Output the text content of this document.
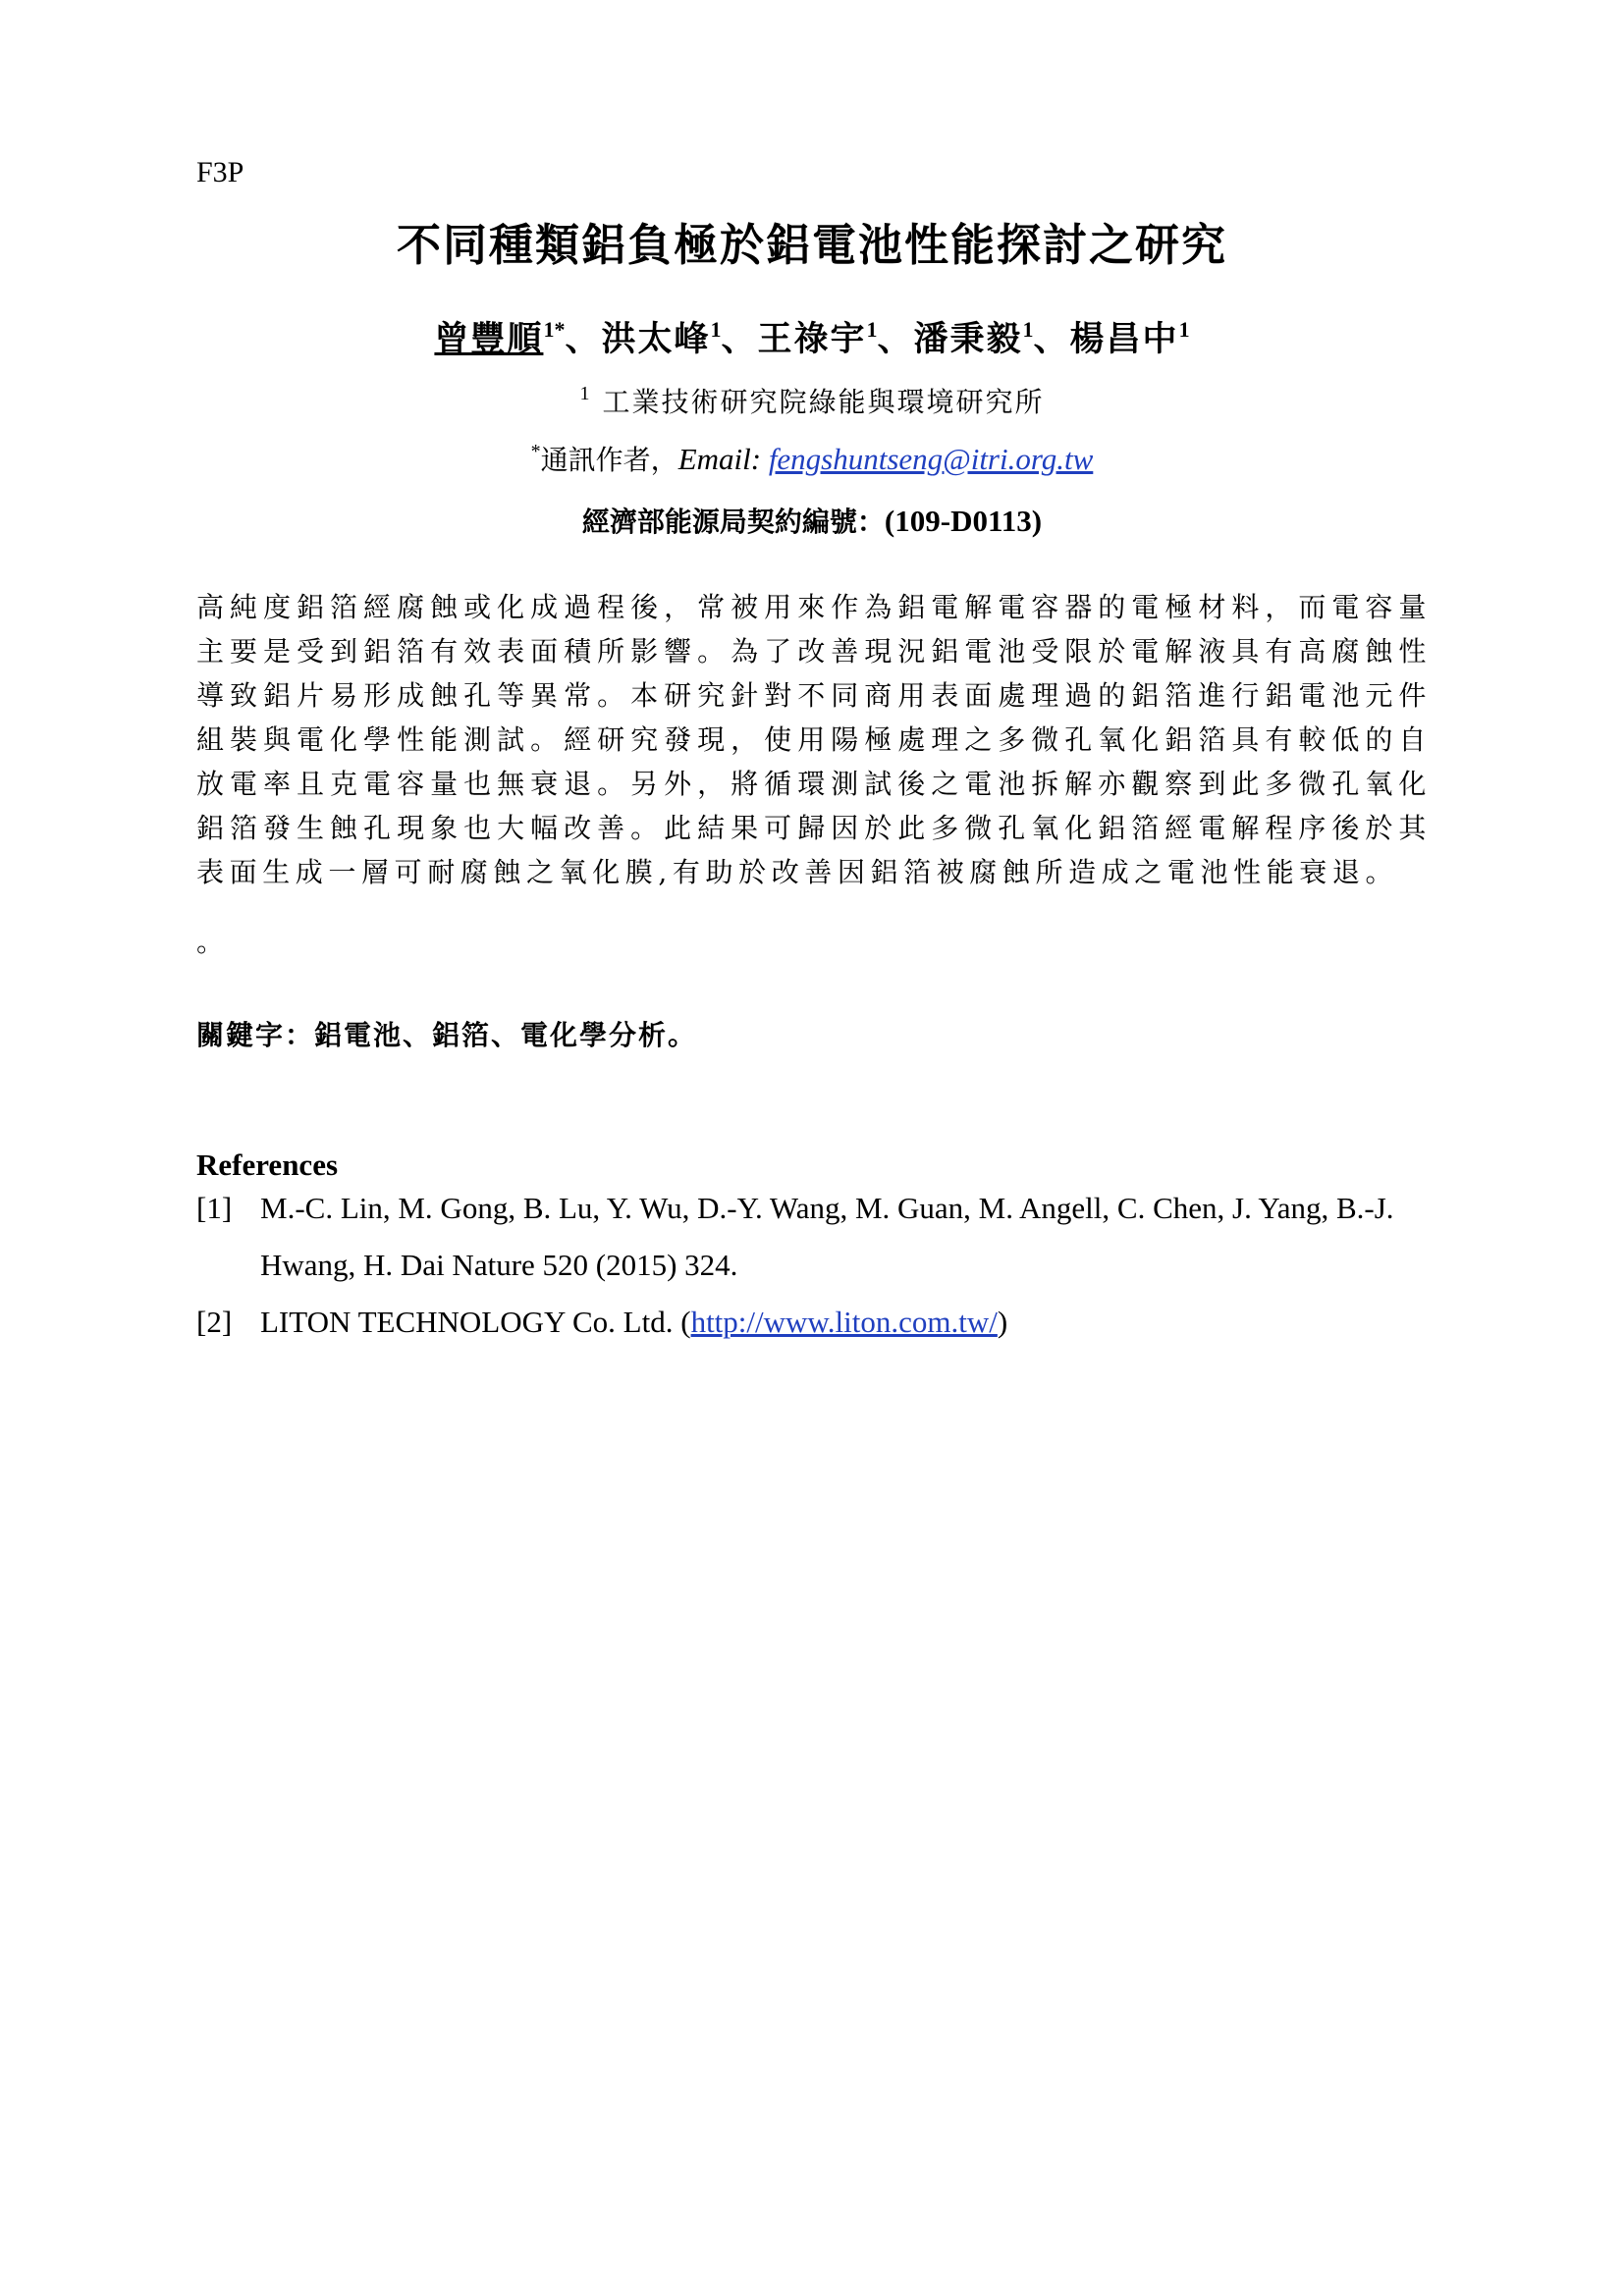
F3P
不同種類鋁負極於鋁電池性能探討之研究
曾豐順$^{1*}$、洪太峰$^1$、王祿宇$^1$、潘秉毅$^1$、楊昌中$^1$
$^1$ 工業技術研究院綠能與環境研究所
*通訊作者，Email: fengshuntseng@itri.org.tw
經濟部能源局契約編號：(109-D0113)

高純度鋁箔經腐蝕或化成過程後，常被用來作為鋁電解電容器的電極材料，而電容量主要是受到鋁箔有效表面積所影響。為了改善現況鋁電池受限於電解液具有高腐蝕性導致鋁片易形成蝕孔等異常。本研究針對不同商用表面處理過的鋁箔進行鋁電池元件組裝與電化學性能測試。經研究發現，使用陽極處理之多微孔氧化鋁箔具有較低的自放電率且克電容量也無衰退。另外，將循環測試後之電池拆解亦觀察到此多微孔氧化鋁箔發生蝕孔現象也大幅改善。此結果可歸因於此多微孔氧化鋁箔經電解程序後於其表面生成一層可耐腐蝕之氧化膜,有助於改善因鋁箔被腐蝕所造成之電池性能衰退。

。
關鍵字：鋁電池、鋁箔、電化學分析。
References
[1] M.-C. Lin, M. Gong, B. Lu, Y. Wu, D.-Y. Wang, M. Guan, M. Angell, C. Chen, J. Yang, B.-J. Hwang, H. Dai Nature 520 (2015) 324.
[2] LITON TECHNOLOGY Co. Ltd. (http://www.liton.com.tw/)
